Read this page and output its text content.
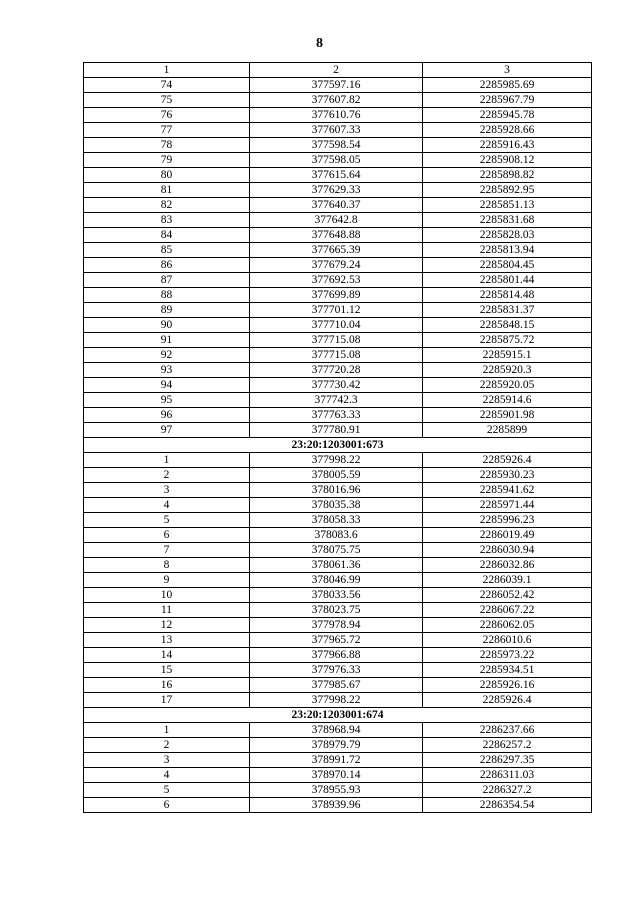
8
1	2	3
74	377597.16	2285985.69
75	377607.82	2285967.79
76	377610.76	2285945.78
77	377607.33	2285928.66
78	377598.54	2285916.43
79	377598.05	2285908.12
80	377615.64	2285898.82
81	377629.33	2285892.95
82	377640.37	2285851.13
83	377642.8	2285831.68
84	377648.88	2285828.03
85	377665.39	2285813.94
86	377679.24	2285804.45
87	377692.53	2285801.44
88	377699.89	2285814.48
89	377701.12	2285831.37
90	377710.04	2285848.15
91	377715.08	2285875.72
92	377715.08	2285915.1
93	377720.28	2285920.3
94	377730.42	2285920.05
95	377742.3	2285914.6
96	377763.33	2285901.98
97	377780.91	2285899
23:20:1203001:673		
1	377998.22	2285926.4
2	378005.59	2285930.23
3	378016.96	2285941.62
4	378035.38	2285971.44
5	378058.33	2285996.23
6	378083.6	2286019.49
7	378075.75	2286030.94
8	378061.36	2286032.86
9	378046.99	2286039.1
10	378033.56	2286052.42
11	378023.75	2286067.22
12	377978.94	2286062.05
13	377965.72	2286010.6
14	377966.88	2285973.22
15	377976.33	2285934.51
16	377985.67	2285926.16
17	377998.22	2285926.4
23:20:1203001:674		
1	378968.94	2286237.66
2	378979.79	2286257.2
3	378991.72	2286297.35
4	378970.14	2286311.03
5	378955.93	2286327.2
6	378939.96	2286354.54
